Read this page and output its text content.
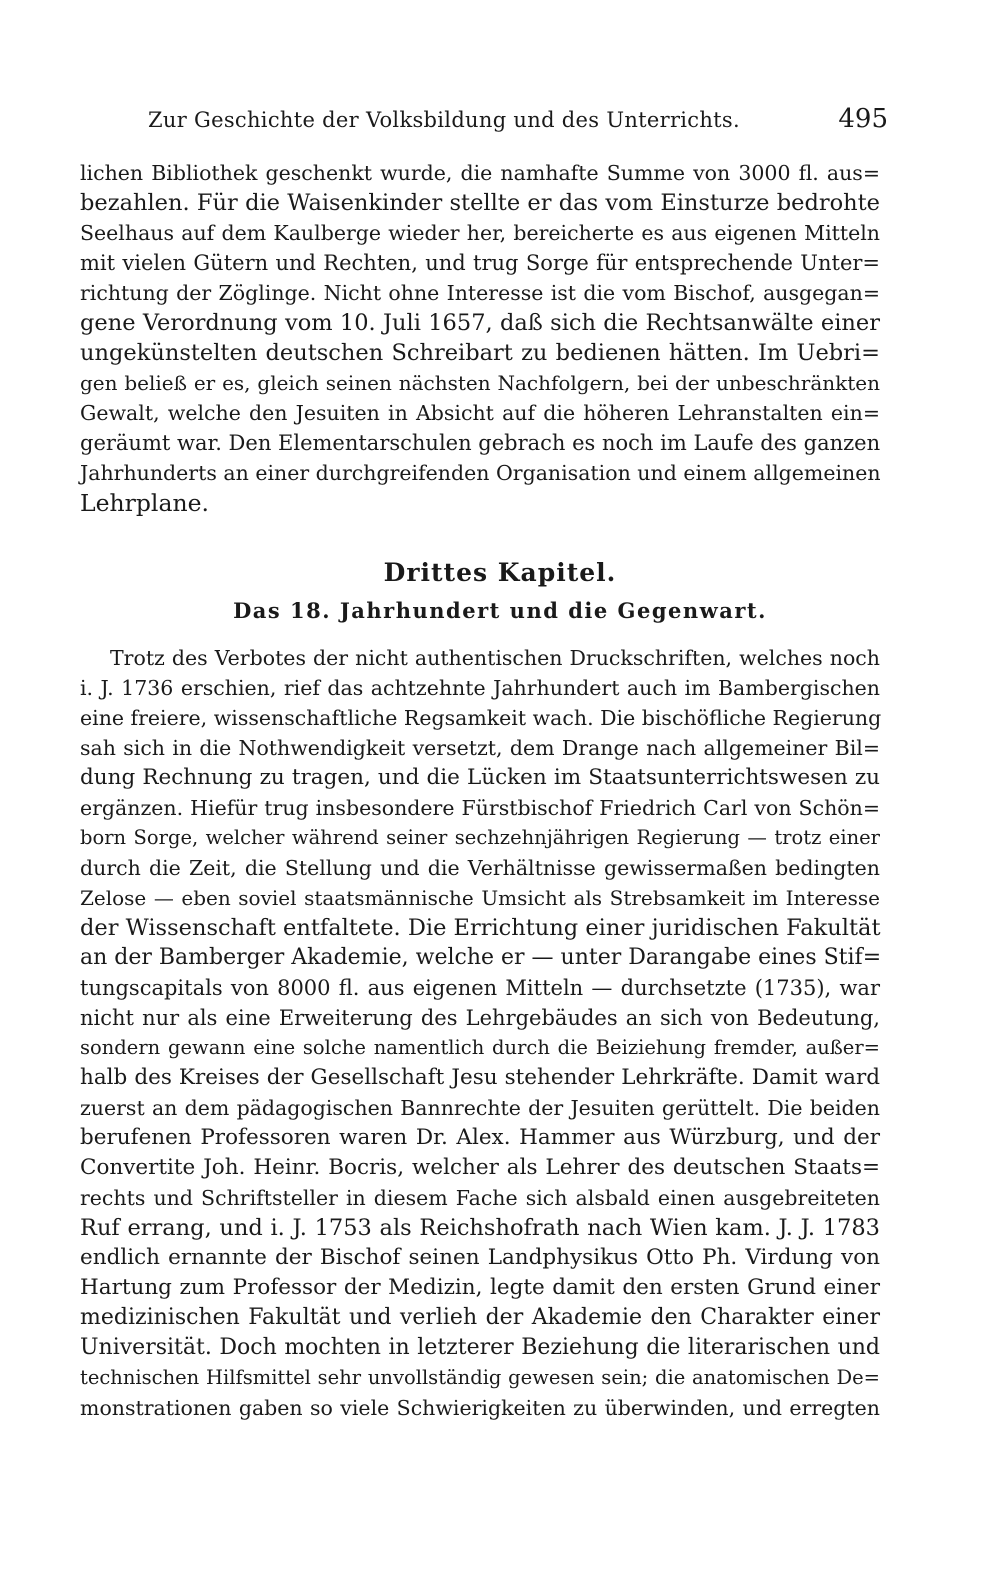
Zur Geschichte der Volksbildung und des Unterrichts.	495
lichen Bibliothek geschenkt wurde, die namhafte Summe von 3000 fl. aus=
bezahlen. Für die Waisenkinder stellte er das vom Einsturze bedrohte
Seelhaus auf dem Kaulberge wieder her, bereicherte es aus eigenen Mitteln
mit vielen Gütern und Rechten, und trug Sorge für entsprechende Unter=
richtung der Zöglinge. Nicht ohne Interesse ist die vom Bischof, ausgegan=
gene Verordnung vom 10. Juli 1657, daß sich die Rechtsanwälte einer
ungekünstelten deutschen Schreibart zu bedienen hätten. Im Uebri=
gen beließ er es, gleich seinen nächsten Nachfolgern, bei der unbeschränkten
Gewalt, welche den Jesuiten in Absicht auf die höheren Lehranstalten ein=
geräumt war. Den Elementarschulen gebrach es noch im Laufe des ganzen
Jahrhunderts an einer durchgreifenden Organisation und einem allgemeinen
Lehrplane.
Drittes Kapitel.
Das 18. Jahrhundert und die Gegenwart.
Trotz des Verbotes der nicht authentischen Druckschriften, welches noch
i. J. 1736 erschien, rief das achtzehnte Jahrhundert auch im Bambergischen
eine freiere, wissenschaftliche Regsamkeit wach. Die bischöfliche Regierung
sah sich in die Nothwendigkeit versetzt, dem Drange nach allgemeiner Bil=
dung Rechnung zu tragen, und die Lücken im Staatsunterrichtswesen zu
ergänzen. Hiefür trug insbesondere Fürstbischof Friedrich Carl von Schön=
born Sorge, welcher während seiner sechzehnjährigen Regierung — trotz einer
durch die Zeit, die Stellung und die Verhältnisse gewissermaßen bedingten
Zelose — eben soviel staatsmännische Umsicht als Strebsamkeit im Interesse
der Wissenschaft entfaltete. Die Errichtung einer juridischen Fakultät
an der Bamberger Akademie, welche er — unter Darangabe eines Stif=
tungscapitals von 8000 fl. aus eigenen Mitteln — durchsetzte (1735), war
nicht nur als eine Erweiterung des Lehrgebäudes an sich von Bedeutung,
sondern gewann eine solche namentlich durch die Beiziehung fremder, außer=
halb des Kreises der Gesellschaft Jesu stehender Lehrkräfte. Damit ward
zuerst an dem pädagogischen Bannrechte der Jesuiten gerüttelt. Die beiden
berufenen Professoren waren Dr. Alex. Hammer aus Würzburg, und der
Convertite Joh. Heinr. Bocris, welcher als Lehrer des deutschen Staats=
rechts und Schriftsteller in diesem Fache sich alsbald einen ausgebreiteten
Ruf errang, und i. J. 1753 als Reichshofrath nach Wien kam. J. J. 1783
endlich ernannte der Bischof seinen Landphysikus Otto Ph. Virdung von
Hartung zum Professor der Medizin, legte damit den ersten Grund einer
medizinischen Fakultät und verlieh der Akademie den Charakter einer
Universität. Doch mochten in letzterer Beziehung die literarischen und
technischen Hilfsmittel sehr unvollständig gewesen sein; die anatomischen De=
monstrationen gaben so viele Schwierigkeiten zu überwinden, und erregten
